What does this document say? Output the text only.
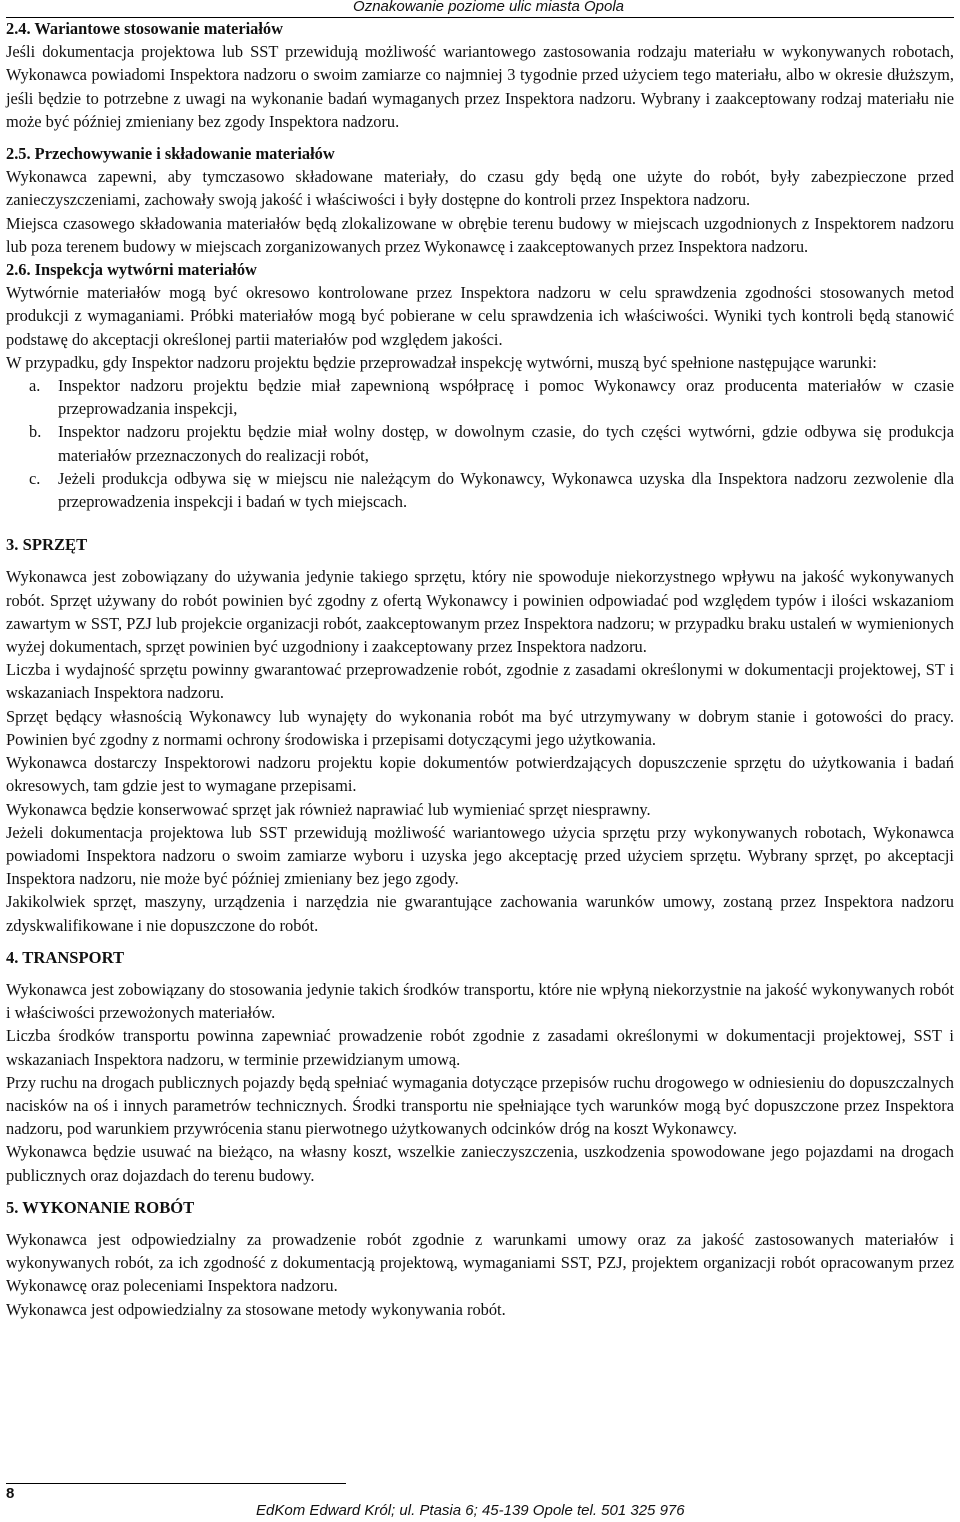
Oznakowanie poziome ulic miasta Opola

2.4. Wariantowe stosowanie materiałów

Jeśli dokumentacja projektowa lub SST przewidują możliwość wariantowego zastosowania rodzaju materiału w wykonywanych robotach, Wykonawca powiadomi Inspektora nadzoru o swoim zamiarze co najmniej 3 tygodnie przed użyciem tego materiału, albo w okresie dłuższym, jeśli będzie to potrzebne z uwagi na wykonanie badań wymaganych przez Inspektora nadzoru. Wybrany i zaakceptowany rodzaj materiału nie może być później zmieniany bez zgody Inspektora nadzoru.

2.5. Przechowywanie i składowanie materiałów

Wykonawca zapewni, aby tymczasowo składowane materiały, do czasu gdy będą one użyte do robót, były zabezpieczone przed zanieczyszczeniami, zachowały swoją jakość i właściwości i były dostępne do kontroli przez Inspektora nadzoru.

Miejsca czasowego składowania materiałów będą zlokalizowane w obrębie terenu budowy w miejscach uzgodnionych z Inspektorem nadzoru lub poza terenem budowy w miejscach zorganizowanych przez Wykonawcę i zaakceptowanych przez Inspektora nadzoru.

2.6. Inspekcja wytwórni materiałów

Wytwórnie materiałów mogą być okresowo kontrolowane przez Inspektora nadzoru w celu sprawdzenia zgodności stosowanych metod produkcji z wymaganiami. Próbki materiałów mogą być pobierane w celu sprawdzenia ich właściwości. Wyniki tych kontroli będą stanowić podstawę do akceptacji określonej partii materiałów pod względem jakości.

W przypadku, gdy Inspektor nadzoru projektu będzie przeprowadzał inspekcję wytwórni, muszą być spełnione następujące warunki:

a.	Inspektor nadzoru projektu będzie miał zapewnioną współpracę i pomoc Wykonawcy oraz producenta materiałów w czasie przeprowadzania inspekcji,
b.	Inspektor nadzoru projektu będzie miał wolny dostęp, w dowolnym czasie, do tych części wytwórni, gdzie odbywa się produkcja materiałów przeznaczonych do realizacji robót,
c.	Jeżeli produkcja odbywa się w miejscu nie należącym do Wykonawcy, Wykonawca uzyska dla Inspektora nadzoru zezwolenie dla przeprowadzenia inspekcji i badań w tych miejscach.

3. SPRZĘT

Wykonawca jest zobowiązany do używania jedynie takiego sprzętu, który nie spowoduje niekorzystnego wpływu na jakość wykonywanych robót. Sprzęt używany do robót powinien być zgodny z ofertą Wykonawcy i powinien odpowiadać pod względem typów i ilości wskazaniom zawartym w SST, PZJ lub projekcie organizacji robót, zaakceptowanym przez Inspektora nadzoru; w przypadku braku ustaleń w wymienionych wyżej dokumentach, sprzęt powinien być uzgodniony i zaakceptowany przez Inspektora nadzoru.

Liczba i wydajność sprzętu powinny gwarantować przeprowadzenie robót, zgodnie z zasadami określonymi w dokumentacji projektowej, ST i wskazaniach Inspektora nadzoru.

Sprzęt będący własnością Wykonawcy lub wynajęty do wykonania robót ma być utrzymywany w dobrym stanie i gotowości do pracy. Powinien być zgodny z normami ochrony środowiska i przepisami dotyczącymi jego użytkowania.

Wykonawca dostarczy Inspektorowi nadzoru projektu kopie dokumentów potwierdzających dopuszczenie sprzętu do użytkowania i badań okresowych, tam gdzie jest to wymagane przepisami.

Wykonawca będzie konserwować sprzęt jak również naprawiać lub wymieniać sprzęt niesprawny.

Jeżeli dokumentacja projektowa lub SST przewidują możliwość wariantowego użycia sprzętu przy wykonywanych robotach, Wykonawca powiadomi Inspektora nadzoru o swoim zamiarze wyboru i uzyska jego akceptację przed użyciem sprzętu. Wybrany sprzęt, po akceptacji Inspektora nadzoru, nie może być później zmieniany bez jego zgody.

Jakikolwiek sprzęt, maszyny, urządzenia i narzędzia nie gwarantujące zachowania warunków umowy, zostaną przez Inspektora nadzoru zdyskwalifikowane i nie dopuszczone do robót.

4. TRANSPORT

Wykonawca jest zobowiązany do stosowania jedynie takich środków transportu, które nie wpłyną niekorzystnie na jakość wykonywanych robót i właściwości przewożonych materiałów.

Liczba środków transportu powinna zapewniać prowadzenie robót zgodnie z zasadami określonymi w dokumentacji projektowej, SST i wskazaniach Inspektora nadzoru, w terminie przewidzianym umową.

Przy ruchu na drogach publicznych pojazdy będą spełniać wymagania dotyczące przepisów ruchu drogowego w odniesieniu do dopuszczalnych nacisków na oś i innych parametrów technicznych. Środki transportu nie spełniające tych warunków mogą być dopuszczone przez Inspektora nadzoru, pod warunkiem przywrócenia stanu pierwotnego użytkowanych odcinków dróg na koszt Wykonawcy.

Wykonawca będzie usuwać na bieżąco, na własny koszt, wszelkie zanieczyszczenia, uszkodzenia spowodowane jego pojazdami na drogach publicznych oraz dojazdach do terenu budowy.

5. WYKONANIE ROBÓT

Wykonawca jest odpowiedzialny za prowadzenie robót zgodnie z warunkami umowy oraz za jakość zastosowanych materiałów i wykonywanych robót, za ich zgodność z dokumentacją projektową, wymaganiami SST, PZJ, projektem organizacji robót opracowanym przez Wykonawcę oraz poleceniami Inspektora nadzoru.

Wykonawca jest odpowiedzialny za stosowane metody wykonywania robót.

8
EdKom Edward Król; ul. Ptasia 6; 45-139 Opole tel. 501 325 976
